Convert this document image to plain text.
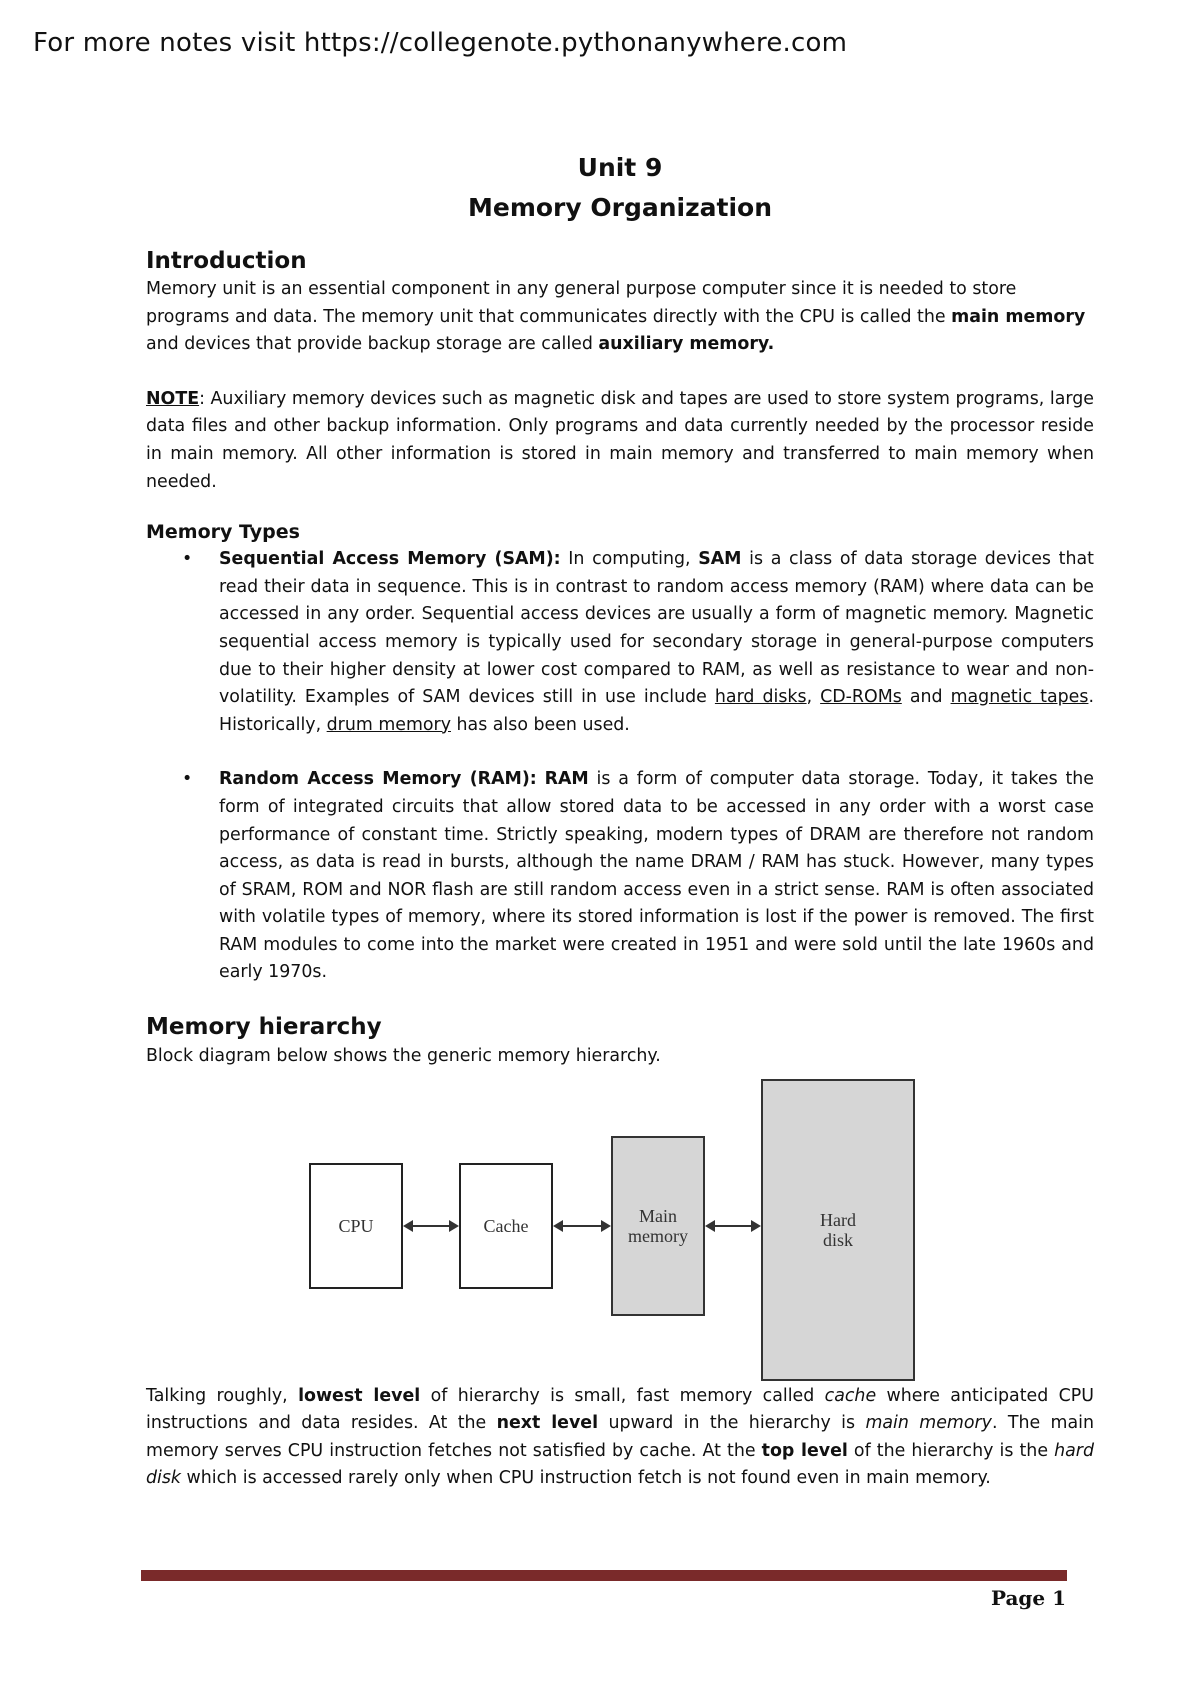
For more notes visit https://collegenote.pythonanywhere.com
Unit 9
Memory Organization
Introduction

Memory unit is an essential component in any general purpose computer since it is needed to store programs and data. The memory unit that communicates directly with the CPU is called the main memory and devices that provide backup storage are called auxiliary memory.

NOTE: Auxiliary memory devices such as magnetic disk and tapes are used to store system programs, large data files and other backup information. Only programs and data currently needed by the processor reside in main memory. All other information is stored in main memory and transferred to main memory when needed.

Memory Types
• Sequential Access Memory (SAM): In computing, SAM is a class of data storage devices that read their data in sequence. This is in contrast to random access memory (RAM) where data can be accessed in any order. Sequential access devices are usually a form of magnetic memory. Magnetic sequential access memory is typically used for secondary storage in general-purpose computers due to their higher density at lower cost compared to RAM, as well as resistance to wear and non-volatility. Examples of SAM devices still in use include hard disks, CD-ROMs and magnetic tapes. Historically, drum memory has also been used.
• Random Access Memory (RAM): RAM is a form of computer data storage. Today, it takes the form of integrated circuits that allow stored data to be accessed in any order with a worst case performance of constant time. Strictly speaking, modern types of DRAM are therefore not random access, as data is read in bursts, although the name DRAM / RAM has stuck. However, many types of SRAM, ROM and NOR flash are still random access even in a strict sense. RAM is often associated with volatile types of memory, where its stored information is lost if the power is removed. The first RAM modules to come into the market were created in 1951 and were sold until the late 1960s and early 1970s.
Memory hierarchy

Block diagram below shows the generic memory hierarchy.

CPU	Cache	Main
memory
Hard
disk

Talking roughly, lowest level of hierarchy is small, fast memory called cache where anticipated CPU instructions and data resides. At the next level upward in the hierarchy is main memory. The main memory serves CPU instruction fetches not satisfied by cache. At the top level of the hierarchy is the hard disk which is accessed rarely only when CPU instruction fetch is not found even in main memory.

Page 1
